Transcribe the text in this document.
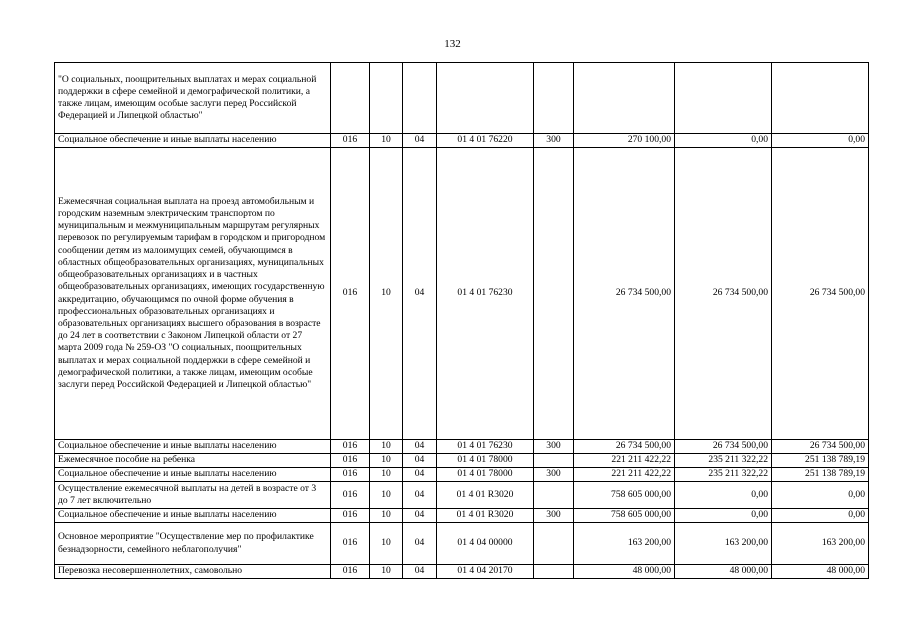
132
"О социальных, поощрительных выплатах и мерах социальной поддержки в сфере семейной и демографической политики, а также лицам, имеющим особые заслуги перед Российской Федерацией и Липецкой областью"								
Социальное обеспечение и иные выплаты населению	016	10	04	01 4 01 76220	300	270 100,00	0,00	0,00
Ежемесячная социальная выплата на проезд автомобильным и городским наземным электрическим транспортом по муниципальным и межмуниципальным маршрутам регулярных перевозок по регулируемым тарифам в городском и пригородном сообщении детям из малоимущих семей, обучающимся в областных общеобразовательных организациях, муниципальных общеобразовательных организациях и в частных общеобразовательных организациях, имеющих государственную аккредитацию, обучающимся по очной форме обучения в профессиональных образовательных организациях и образовательных организациях высшего образования в возрасте до 24 лет в соответствии с Законом Липецкой области от 27 марта 2009 года № 259-ОЗ "О социальных, поощрительных выплатах и мерах социальной поддержки в сфере семейной и демографической политики, а также лицам, имеющим особые заслуги перед Российской Федерацией и Липецкой областью"	016	10	04	01 4 01 76230		26 734 500,00	26 734 500,00	26 734 500,00
Социальное обеспечение и иные выплаты населению	016	10	04	01 4 01 76230	300	26 734 500,00	26 734 500,00	26 734 500,00
Ежемесячное пособие на ребенка	016	10	04	01 4 01 78000		221 211 422,22	235 211 322,22	251 138 789,19
Социальное обеспечение и иные выплаты населению	016	10	04	01 4 01 78000	300	221 211 422,22	235 211 322,22	251 138 789,19
Осуществление ежемесячной выплаты на детей в возрасте от 3 до 7 лет включительно	016	10	04	01 4 01 R3020		758 605 000,00	0,00	0,00
Социальное обеспечение и иные выплаты населению	016	10	04	01 4 01 R3020	300	758 605 000,00	0,00	0,00
Основное мероприятие "Осуществление мер по профилактике безнадзорности, семейного неблагополучия"	016	10	04	01 4 04 00000		163 200,00	163 200,00	163 200,00
Перевозка несовершеннолетних, самовольно	016	10	04	01 4 04 20170		48 000,00	48 000,00	48 000,00
